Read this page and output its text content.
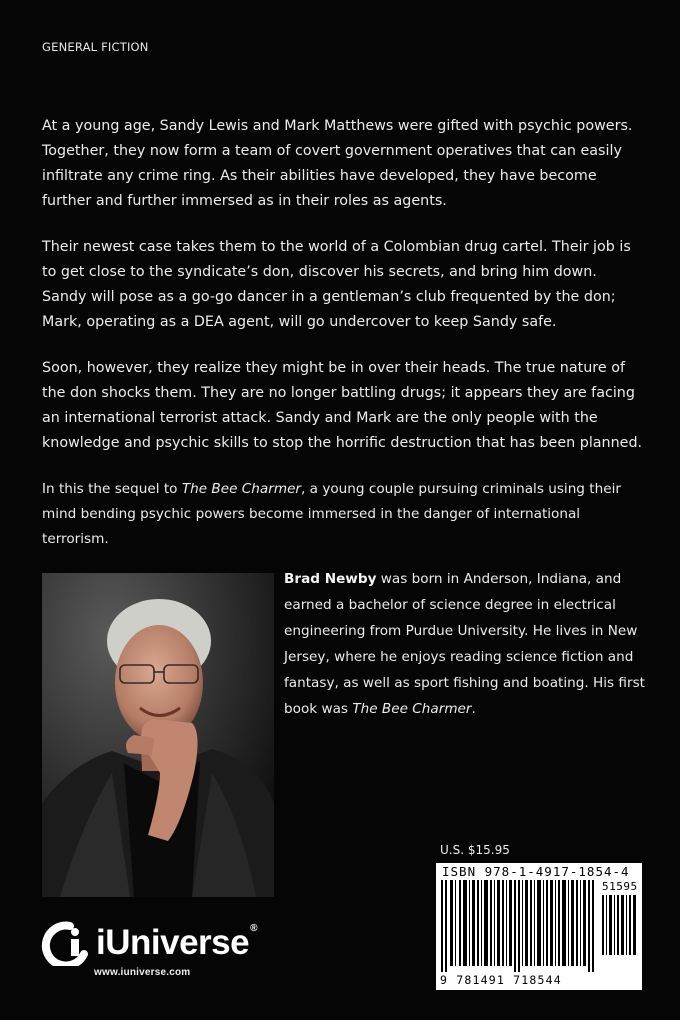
GENERAL FICTION

At a young age, Sandy Lewis and Mark Matthews were gifted with psychic powers. Together, they now form a team of covert government operatives that can easily infiltrate any crime ring. As their abilities have developed, they have become further and further immersed as in their roles as agents.

Their newest case takes them to the world of a Colombian drug cartel. Their job is to get close to the syndicate’s don, discover his secrets, and bring him down. Sandy will pose as a go-go dancer in a gentleman’s club frequented by the don; Mark, operating as a DEA agent, will go undercover to keep Sandy safe.

Soon, however, they realize they might be in over their heads. The true nature of the don shocks them. They are no longer battling drugs; it appears they are facing an international terrorist attack. Sandy and Mark are the only people with the knowledge and psychic skills to stop the horrific destruction that has been planned.

In this the sequel to The Bee Charmer, a young couple pursuing criminals using their mind bending psychic powers become immersed in the danger of international terrorism.

Brad Newby was born in Anderson, Indiana, and earned a bachelor of science degree in electrical engineering from Purdue University. He lives in New Jersey, where he enjoys reading science fiction and fantasy, as well as sport fishing and boating. His first book was The Bee Charmer.
U.S. $15.95
ISBN 978-1-4917-1854-4
51595
9 781491 718544
iUniverse®
www.iuniverse.com
